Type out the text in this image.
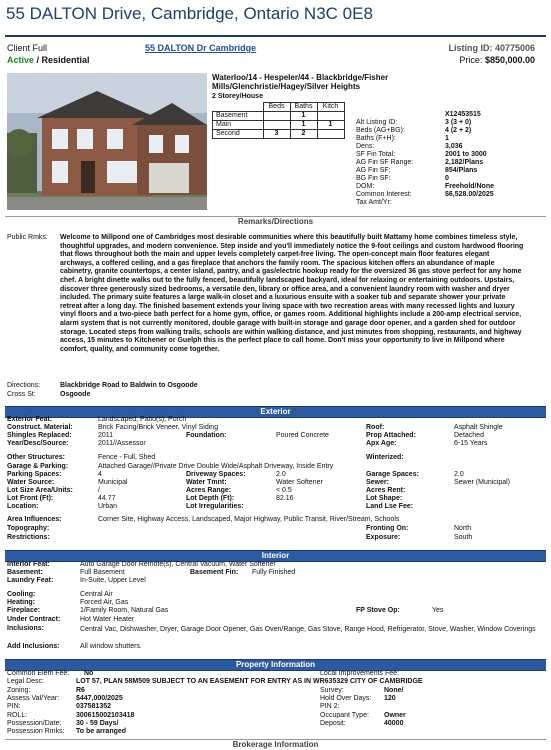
55 DALTON Drive, Cambridge, Ontario N3C 0E8
Client Full
Active / Residential
55 DALTON Dr Cambridge	Listing ID: 40775006
Price: $850,000.00
Waterloo/14 - Hespeler/44 - Blackbridge/Fisher Mills/Glenchristie/Hagey/Silver Heights
2 Storey/House
	Beds	Baths	Kitch
Basement		1	
Main		1	1
Second	3	2	
Alt Listing ID:
X12453515
Beds (AG+BG):
3 (3 + 0)
Baths (F+H):
4 (2 + 2)
Dens:
1
SF Fin Total:
3,036
AG Fin SF Range:
2001 to 3000
AG Fin SF:
2,182/Plans
BG Fin SF:
854/Plans
DOM:
0
Common Interest:
Freehold/None
Tax Amt/Yr:
$6,528.00/2025
Remarks/Directions
Public Rmks: Welcome to Millpond one of Cambridges most desirable communities where this beautifully built Mattamy home combines timeless style, thoughtful upgrades, and modern convenience. Step inside and you'll immediately notice the 9-foot ceilings and custom hardwood flooring that flows throughout both the main and upper levels completely carpet-free living. The open-concept main floor features elegant archways, a coffered ceiling, and a gas fireplace that anchors the family room. The spacious kitchen offers an abundance of maple cabinetry, granite countertops, a center island, pantry, and a gas/electric hookup ready for the oversized 36 gas stove perfect for any home chef. A bright dinette walks out to the fully fenced, beautifully landscaped backyard, ideal for relaxing or entertaining outdoors. Upstairs, discover three generously sized bedrooms, a versatile den, library or office area, and a convenient laundry room with washer and dryer included. The primary suite features a large walk-in closet and a luxurious ensuite with a soaker tub and separate shower your private retreat after a long day. The finished basement extends your living space with two recreation areas with many recessed lights and luxury vinyl floors and a two-piece bath perfect for a home gym, office, or games room. Additional highlights include a 200-amp electrical service, alarm system that is not currently monitored, double garage with built-in storage and garage door opener, and a garden shed for outdoor storage. Located steps from walking trails, schools are within walking distance, and just minutes from shopping, restaurants, and highway access, 15 minutes to Kitchener or Guelph this is the perfect place to call home. Don't miss your opportunity to live in Millpond where comfort, quality, and community come together.
Directions:	Blackbridge Road to Baldwin to Osgoode
Cross St:	Osgoode
Exterior
Exterior Feat:	Landscaped, Patio(s), Porch
Construct. Material:	Brick Facing/Brick Veneer, Vinyl Siding	Roof:	Asphalt Shingle
Shingles Replaced:	2011	Foundation:	Poured Concrete	Prop Attached:	Detached
Year/Desc/Source:	2011//Assessor	Apx Age:	6-15 Years
Other Structures:	Fence - Full, Shed	Winterized:
Garage & Parking:	Attached Garage//Private Drive Double Wide/Asphalt Driveway, Inside Entry
Parking Spaces:	4	Driveway Spaces:	2.0	Garage Spaces:	2.0
Water Source:	Municipal	Water Tmnt:	Water Softener	Sewer:	Sewer (Municipal)
Lot Size Area/Units:	/	Acres Range:	< 0.5	Acres Rent:
Lot Front (Ft):	44.77	Lot Depth (Ft):	82.16	Lot Shape:
Location:	Urban	Lot Irregularities:	Land Lse Fee:
Area Influences:	Corner Site, Highway Access, Landscaped, Major Highway, Public Transit, River/Stream, Schools
Topography:	Fronting On:	North
Restrictions:	Exposure:	South
Interior
Interior Feat:	Auto Garage Door Remote(s), Central Vacuum, Water Softener
Basement:	Full Basement	Basement Fin: Fully Finished
Laundry Feat:	In-Suite, Upper Level
Cooling:	Central Air
Heating:	Forced Air, Gas
Fireplace:	1/Family Room, Natural Gas	FP Stove Op:	Yes
Under Contract:	Hot Water Heater
Inclusions:	Central Vac, Dishwasher, Dryer, Garage Door Opener, Gas Oven/Range, Gas Stove, Range Hood, Refrigerator, Stove, Washer, Window Coverings
Add Inclusions:	All window shutters.
Property Information
Common Elem Fee: No	Local Improvements Fee:
Legal Desc:	LOT 57, PLAN 58M509 SUBJECT TO AN EASEMENT FOR ENTRY AS IN WR635329 CITY OF CAMBRIDGE
Zoning:	R6	Survey:	None/
Assess Val/Year: $447,000/2025	Hold Over Days: 120
PIN:	037581352	PIN 2:
ROLL:	300615002103418	Occupant Type: Owner
Possession/Date: 30 - 59 Days/	Deposit:	40000
Possession Rmks: To be arranged
Brokerage Information
